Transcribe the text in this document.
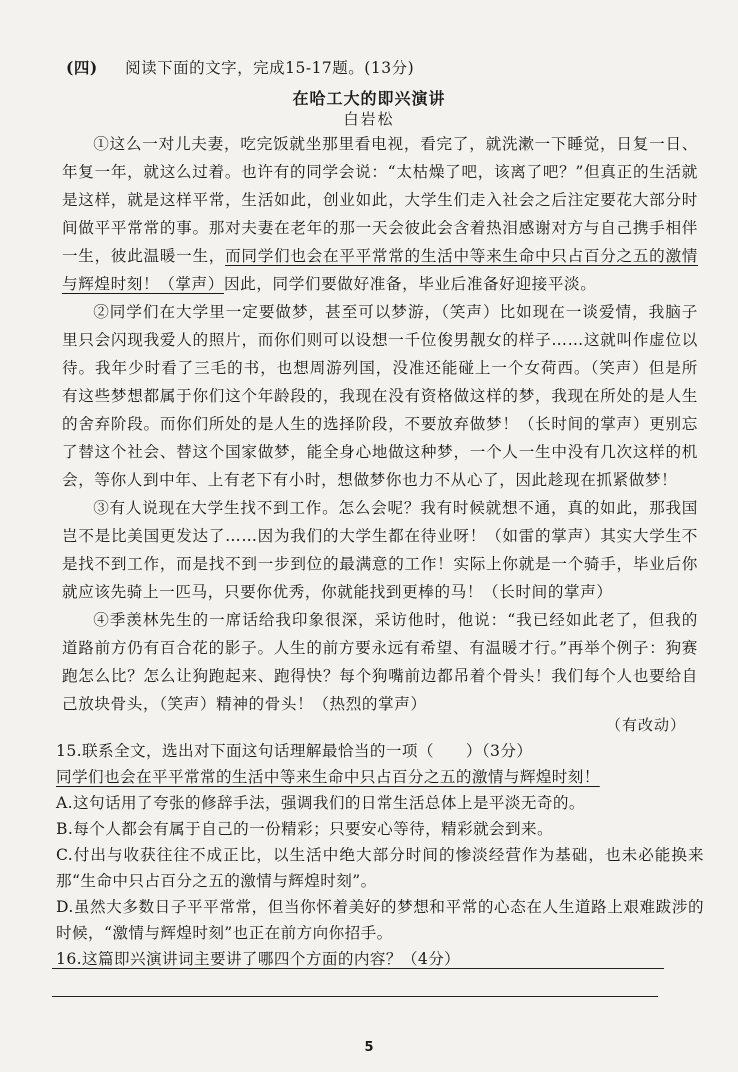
(四) 阅读下面的文字，完成15-17题。(13分)
在哈工大的即兴演讲
白岩松

①这么一对儿夫妻，吃完饭就坐那里看电视，看完了，就洗漱一下睡觉，日复一日、年复一年，就这么过着。也许有的同学会说：“太枯燥了吧，该离了吧？”但真正的生活就是这样，就是这样平常，生活如此，创业如此，大学生们走入社会之后注定要花大部分时间做平平常常的事。那对夫妻在老年的那一天会彼此会含着热泪感谢对方与自己携手相伴一生，彼此温暖一生，而同学们也会在平平常常的生活中等来生命中只占百分之五的激情与辉煌时刻！（掌声）因此，同学们要做好准备，毕业后准备好迎接平淡。

②同学们在大学里一定要做梦，甚至可以梦游，（笑声）比如现在一谈爱情，我脑子里只会闪现我爱人的照片，而你们则可以设想一千位俊男靓女的样子……这就叫作虚位以待。我年少时看了三毛的书，也想周游列国，没准还能碰上一个女荷西。（笑声）但是所有这些梦想都属于你们这个年龄段的，我现在没有资格做这样的梦，我现在所处的是人生的舍弃阶段。而你们所处的是人生的选择阶段，不要放弃做梦！（长时间的掌声）更别忘了替这个社会、替这个国家做梦，能全身心地做这种梦，一个人一生中没有几次这样的机会，等你人到中年、上有老下有小时，想做梦你也力不从心了，因此趁现在抓紧做梦！

③有人说现在大学生找不到工作。怎么会呢？我有时候就想不通，真的如此，那我国岂不是比美国更发达了……因为我们的大学生都在待业呀！（如雷的掌声）其实大学生不是找不到工作，而是找不到一步到位的最满意的工作！实际上你就是一个骑手，毕业后你就应该先骑上一匹马，只要你优秀，你就能找到更棒的马！（长时间的掌声）

④季羡林先生的一席话给我印象很深，采访他时，他说：“我已经如此老了，但我的道路前方仍有百合花的影子。人生的前方要永远有希望、有温暖才行。”再举个例子：狗赛跑怎么比？怎么让狗跑起来、跑得快？每个狗嘴前边都吊着个骨头！我们每个人也要给自己放块骨头，（笑声）精神的骨头！（热烈的掌声）

（有改动）

15.联系全文，选出对下面这句话理解最恰当的一项（　　）（3分）

同学们也会在平平常常的生活中等来生命中只占百分之五的激情与辉煌时刻！

A.这句话用了夸张的修辞手法，强调我们的日常生活总体上是平淡无奇的。

B.每个人都会有属于自己的一份精彩；只要安心等待，精彩就会到来。

C.付出与收获往往不成正比，以生活中绝大部分时间的惨淡经营作为基础，也未必能换来那“生命中只占百分之五的激情与辉煌时刻”。

D.虽然大多数日子平平常常，但当你怀着美好的梦想和平常的心态在人生道路上艰难跋涉的时候，“激情与辉煌时刻”也正在前方向你招手。

16.这篇即兴演讲词主要讲了哪四个方面的内容？（4分）

5
